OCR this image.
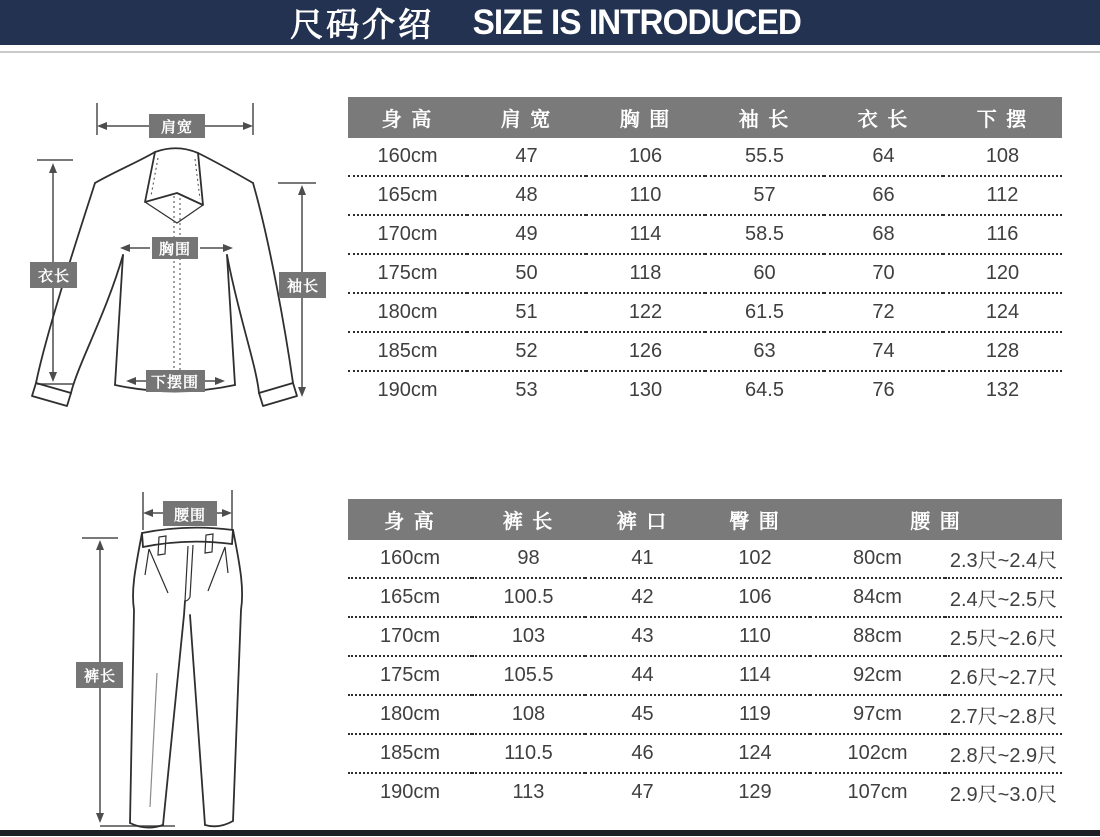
尺码介绍 SIZE IS INTRODUCED
肩宽
衣长
袖长
胸围
下摆围
身 高	肩 宽	胸 围	袖 长	衣 长	下 摆
160cm	47	106	55.5	64	108
165cm	48	110	57	66	112
170cm	49	114	58.5	68	116
175cm	50	118	60	70	120
180cm	51	122	61.5	72	124
185cm	52	126	63	74	128
190cm	53	130	64.5	76	132
腰围
裤长
身 高	裤 长	裤 口	臀 围	腰 围	
160cm	98	41	102	80cm	2.3尺~2.4尺
165cm	100.5	42	106	84cm	2.4尺~2.5尺
170cm	103	43	110	88cm	2.5尺~2.6尺
175cm	105.5	44	114	92cm	2.6尺~2.7尺
180cm	108	45	119	97cm	2.7尺~2.8尺
185cm	110.5	46	124	102cm	2.8尺~2.9尺
190cm	113	47	129	107cm	2.9尺~3.0尺
